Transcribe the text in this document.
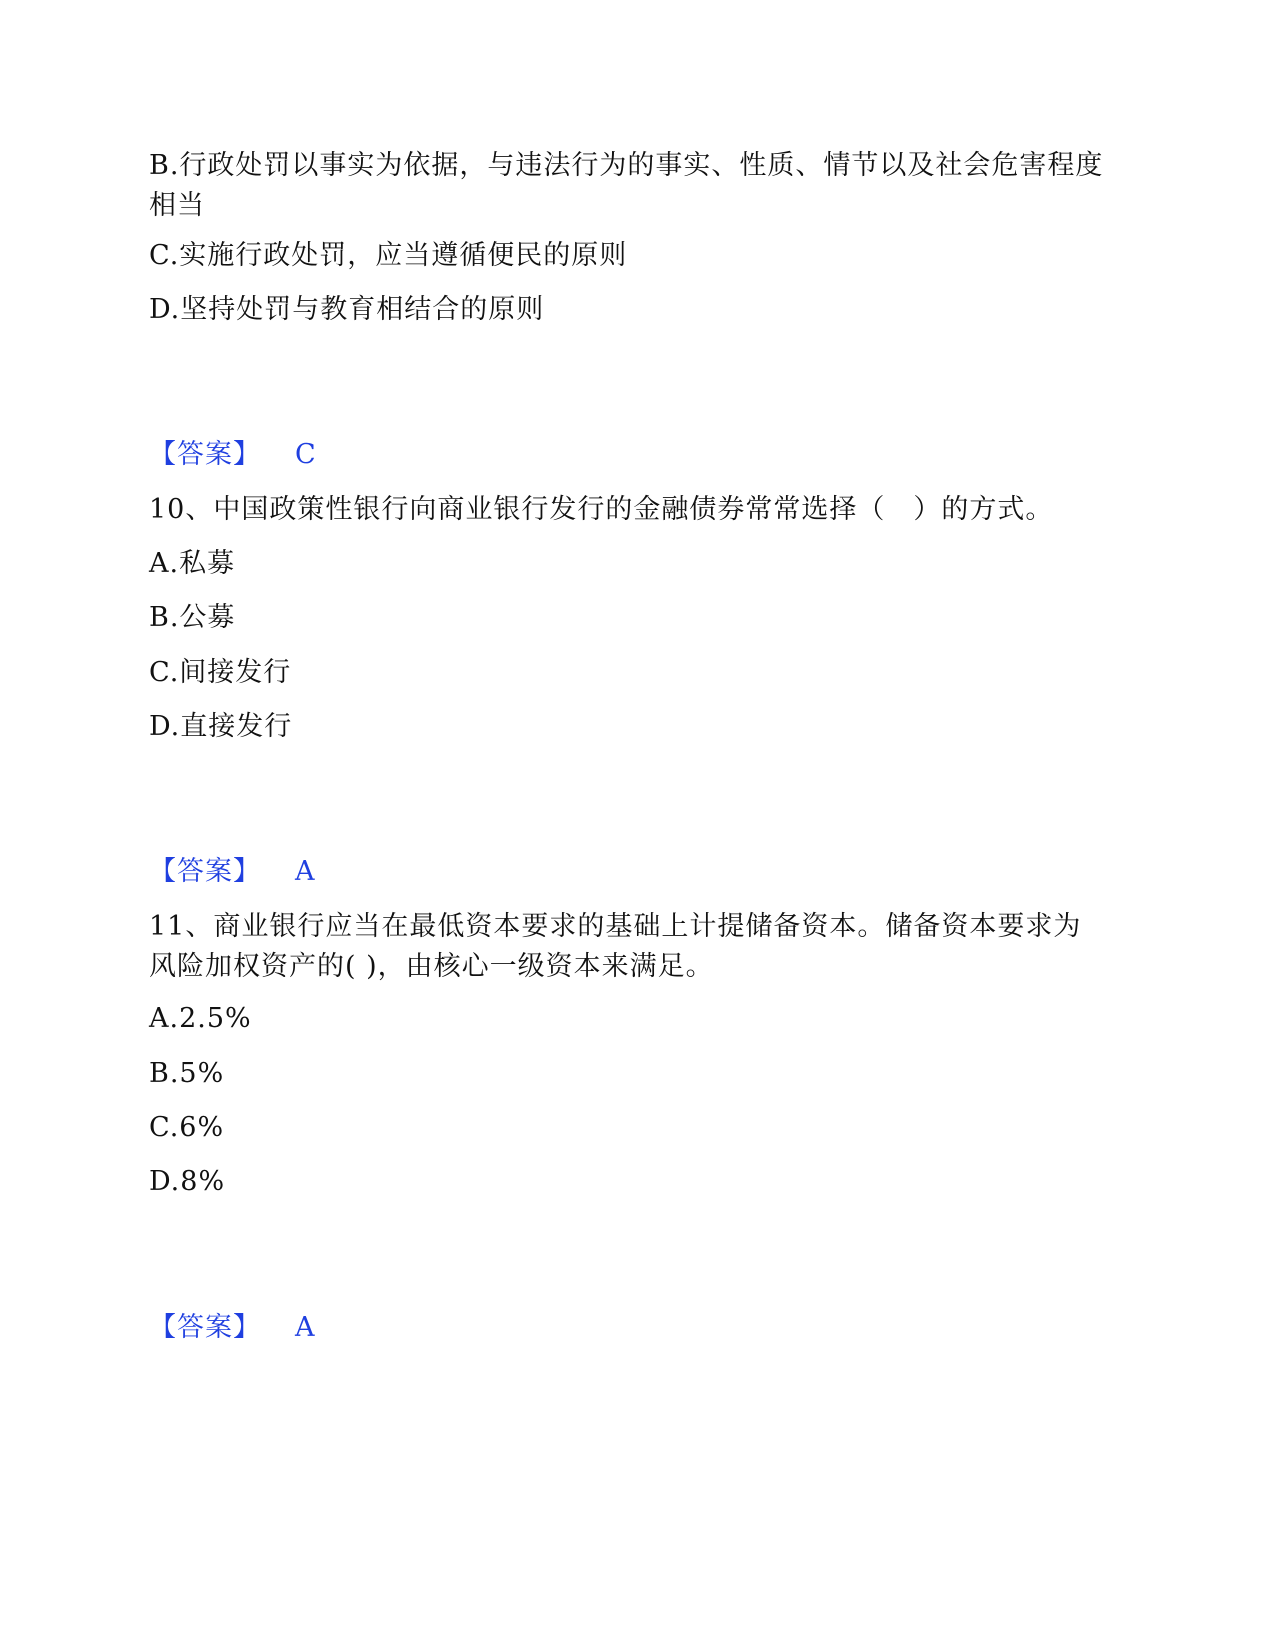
B.行政处罚以事实为依据，与违法行为的事实、性质、情节以及社会危害程度相当
C.实施行政处罚，应当遵循便民的原则
D.坚持处罚与教育相结合的原则
【答案】 C
10、中国政策性银行向商业银行发行的金融债券常常选择（　）的方式。
A.私募
B.公募
C.间接发行
D.直接发行
【答案】 A
11、商业银行应当在最低资本要求的基础上计提储备资本。储备资本要求为风险加权资产的( )，由核心一级资本来满足。
A.2.5%
B.5%
C.6%
D.8%
【答案】 A
